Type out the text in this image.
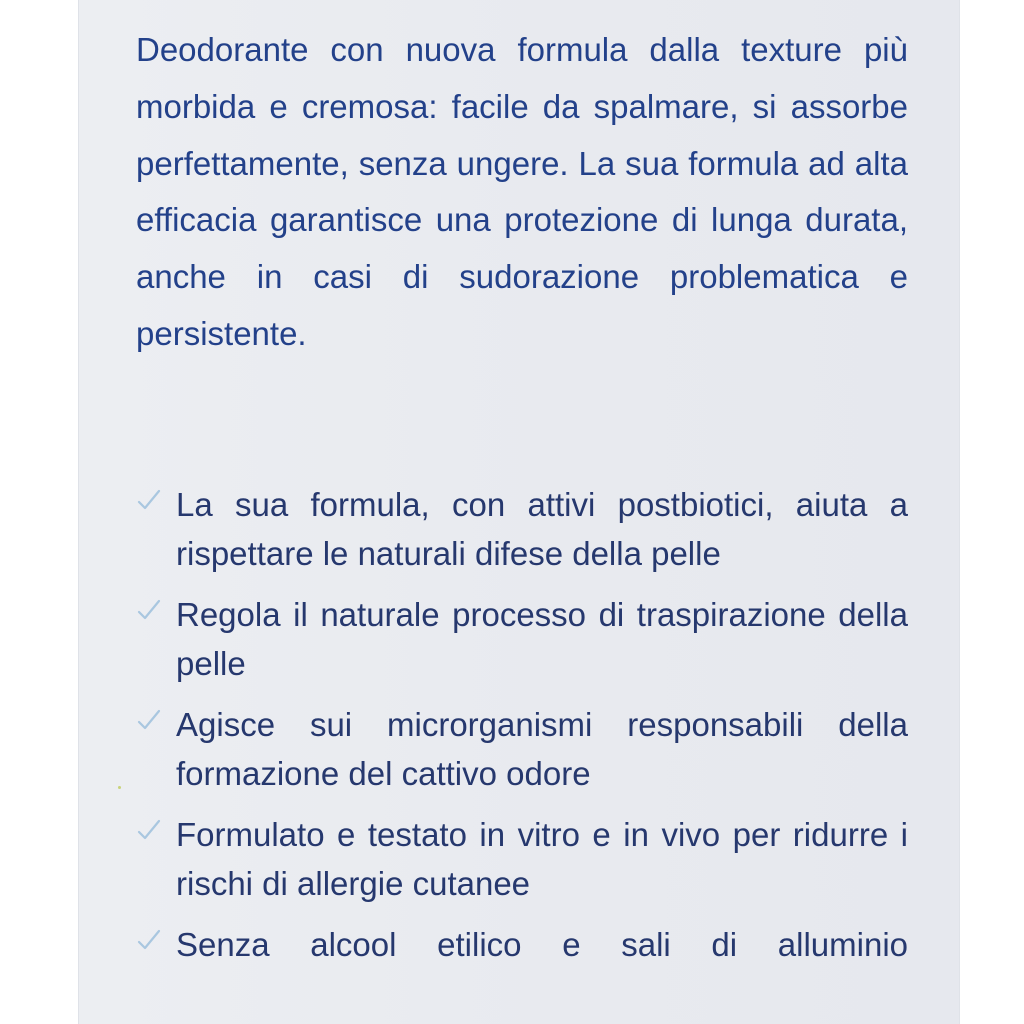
Deodorante con nuova formula dalla texture più morbida e cremosa: facile da spalmare, si assorbe perfettamente, senza ungere. La sua formula ad alta efficacia garantisce una protezione di lunga durata, anche in casi di sudorazione problematica e persistente.

La sua formula, con attivi postbiotici, aiuta a rispettare le naturali difese della pelle
Regola il naturale processo di traspirazione della pelle
Agisce sui microrganismi responsabili della formazione del cattivo odore
Formulato e testato in vitro e in vivo per ridurre i rischi di allergie cutanee
Senza alcool etilico e sali di alluminio
